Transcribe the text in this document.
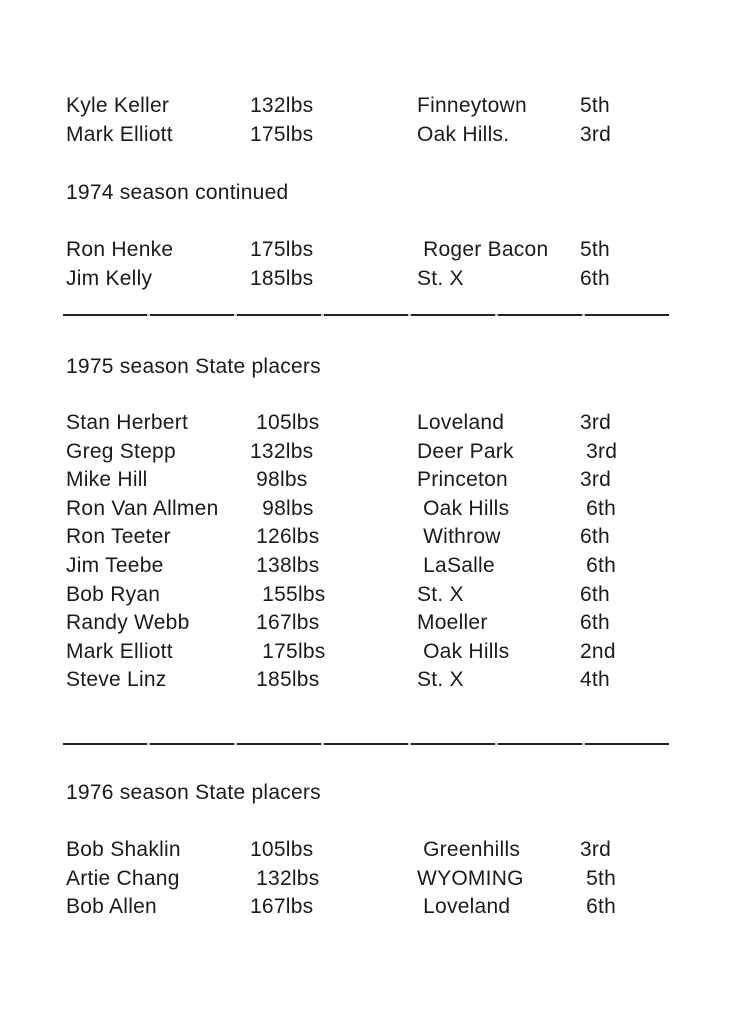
Kyle Keller	132lbs	Finneytown	5th
Mark Elliott	175lbs	Oak Hills.	3rd
1974 season continued
Ron Henke	175lbs	Roger Bacon	5th
Jim Kelly	185lbs	St. X	6th
1975 season State placers
Stan Herbert	105lbs	Loveland	3rd
Greg Stepp	132lbs	Deer Park	3rd
Mike Hill	98lbs	Princeton	3rd
Ron Van Allmen	98lbs	Oak Hills	6th
Ron Teeter	126lbs	Withrow	6th
Jim Teebe	138lbs	LaSalle	6th
Bob Ryan	155lbs	St. X	6th
Randy Webb	167lbs	Moeller	6th
Mark Elliott	175lbs	Oak Hills	2nd
Steve Linz	185lbs	St. X	4th
1976 season State placers
Bob Shaklin	105lbs	Greenhills	3rd
Artie Chang	132lbs	WYOMING	5th
Bob Allen	167lbs	Loveland	6th
